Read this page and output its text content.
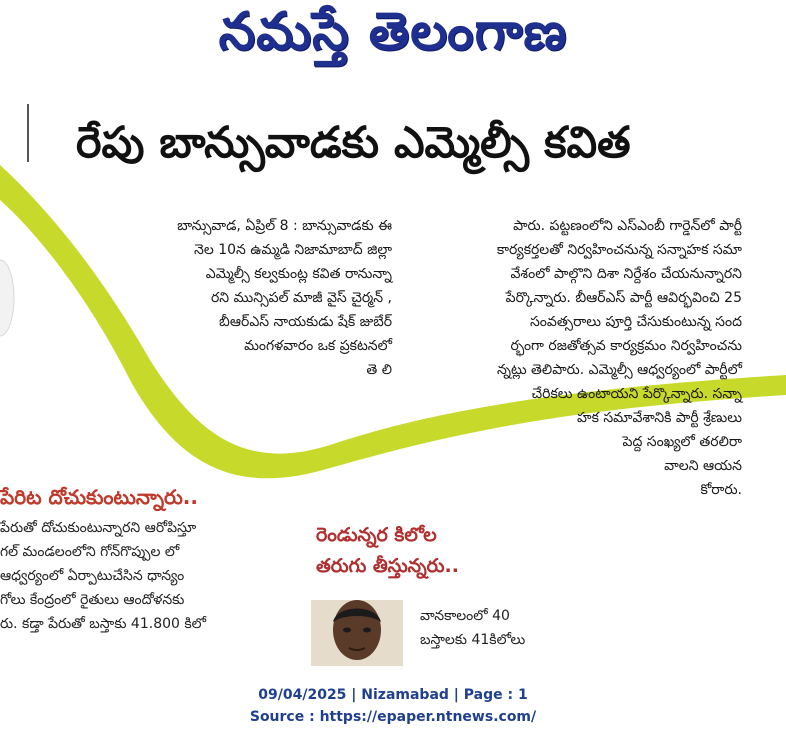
నమస్తే తెలంగాణ
రేపు బాన్సువాడకు ఎమ్మెల్సీ కవిత

బాన్సువాడ, ఏప్రిల్ 8 : బాన్సువాడకు ఈ

నెల 10న ఉమ్మడి నిజామాబాద్ జిల్లా

ఎమ్మెల్సీ కల్వకుంట్ల కవిత రానున్నా

రని మున్సిపల్ మాజీ వైస్ చైర్మన్ ,

బీఆర్ఎస్ నాయకుడు షేక్ జుబేర్

మంగళవారం ఒక ప్రకటనలో

తె లి

పారు. పట్టణంలోని ఎస్ఎంబీ గార్డెన్‌లో పార్టీ

కార్యకర్తలతో నిర్వహించనున్న సన్నాహక సమా

వేశంలో పాల్గొని దిశా నిర్దేశం చేయనున్నారని

పేర్కొన్నారు. బీఆర్ఎస్ పార్టీ ఆవిర్భవించి 25

సంవత్సరాలు పూర్తి చేసుకుంటున్న సంద

ర్భంగా రజతోత్సవ కార్యక్రమం నిర్వహించను

న్నట్లు తెలిపారు. ఎమ్మెల్సీ ఆధ్వర్యంలో పార్టీలో

చేరికలు ఉంటాయని పేర్కొన్నారు. సన్నా

హక సమావేశానికి పార్టీ శ్రేణులు

పెద్ద సంఖ్యలో తరలిరా

వాలని ఆయన

కోరారు.

పేరిట దోచుకుంటున్నారు..

పేరుతో దోచుకుంటున్నారని ఆరోపిస్తూ

గల్ మండలంలోని గోన్‌గొప్పుల లో

ఆధ్వర్యంలో ఏర్పాటుచేసిన ధాన్యం

గోలు కేంద్రంలో రైతులు ఆందోళనకు

రు. కడ్తా పేరుతో బస్తాకు 41.800 కిలో

రెండున్నర కిలోల
తరుగు తీస్తున్నరు..

వానకాలంలో 40

బస్తాలకు 41కిలోలు

09/04/2025 | Nizamabad | Page : 1
Source : https://epaper.ntnews.com/
